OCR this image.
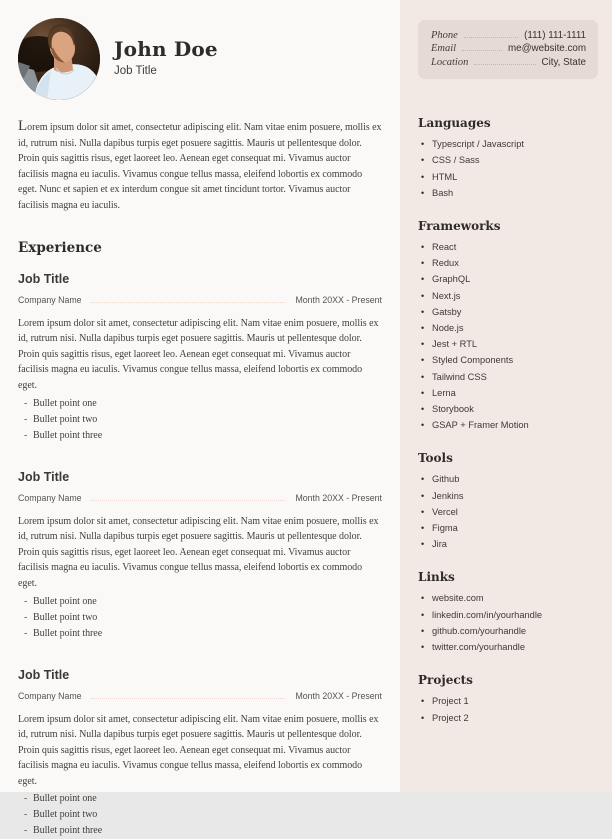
John Doe
Job Title

Lorem ipsum dolor sit amet, consectetur adipiscing elit. Nam vitae enim posuere, mollis ex id, rutrum nisi. Nulla dapibus turpis eget posuere sagittis. Mauris ut pellentesque dolor. Proin quis sagittis risus, eget laoreet leo. Aenean eget consequat mi. Vivamus auctor facilisis magna eu iaculis. Vivamus congue tellus massa, eleifend lobortis ex commodo eget. Nunc et sapien et ex interdum congue sit amet tincidunt tortor. Vivamus auctor facilisis magna eu iaculis.

Experience
Job Title
Company Name	Month 20XX - Present

Lorem ipsum dolor sit amet, consectetur adipiscing elit. Nam vitae enim posuere, mollis ex id, rutrum nisi. Nulla dapibus turpis eget posuere sagittis. Mauris ut pellentesque dolor. Proin quis sagittis risus, eget laoreet leo. Aenean eget consequat mi. Vivamus auctor facilisis magna eu iaculis. Vivamus congue tellus massa, eleifend lobortis ex commodo eget.

- Bullet point one
- Bullet point two
- Bullet point three
Job Title
Company Name	Month 20XX - Present

Lorem ipsum dolor sit amet, consectetur adipiscing elit. Nam vitae enim posuere, mollis ex id, rutrum nisi. Nulla dapibus turpis eget posuere sagittis. Mauris ut pellentesque dolor. Proin quis sagittis risus, eget laoreet leo. Aenean eget consequat mi. Vivamus auctor facilisis magna eu iaculis. Vivamus congue tellus massa, eleifend lobortis ex commodo eget.

- Bullet point one
- Bullet point two
- Bullet point three
Job Title
Company Name	Month 20XX - Present

Lorem ipsum dolor sit amet, consectetur adipiscing elit. Nam vitae enim posuere, mollis ex id, rutrum nisi. Nulla dapibus turpis eget posuere sagittis. Mauris ut pellentesque dolor. Proin quis sagittis risus, eget laoreet leo. Aenean eget consequat mi. Vivamus auctor facilisis magna eu iaculis. Vivamus congue tellus massa, eleifend lobortis ex commodo eget.

- Bullet point one
- Bullet point two
- Bullet point three
Phone	(111) 111-1111
Email	me@website.com
Location	City, State
Languages
• Typescript / Javascript
• CSS / Sass
• HTML
• Bash
Frameworks
• React
• Redux
• GraphQL
• Next.js
• Gatsby
• Node.js
• Jest + RTL
• Styled Components
• Tailwind CSS
• Lerna
• Storybook
• GSAP + Framer Motion
Tools
• Github
• Jenkins
• Vercel
• Figma
• Jira
Links
• website.com
• linkedin.com/in/yourhandle
• github.com/yourhandle
• twitter.com/yourhandle
Projects
• Project 1
• Project 2
